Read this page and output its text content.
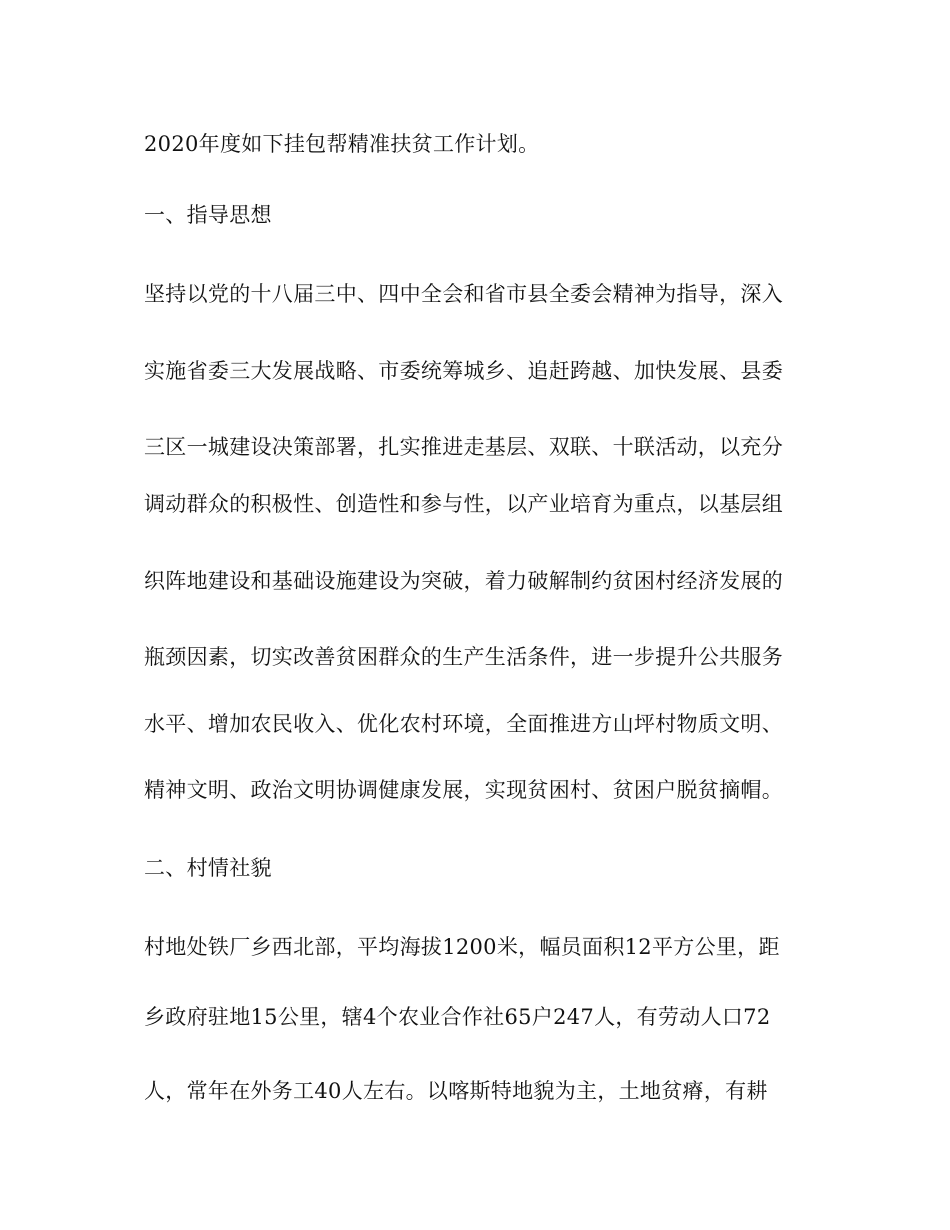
2020年度如下挂包帮精准扶贫工作计划。

一、指导思想

坚持以党的十八届三中、四中全会和省市县全委会精神为指导，深入

实施省委三大发展战略、市委统筹城乡、追赶跨越、加快发展、县委

三区一城建设决策部署，扎实推进走基层、双联、十联活动，以充分

调动群众的积极性、创造性和参与性，以产业培育为重点，以基层组

织阵地建设和基础设施建设为突破，着力破解制约贫困村经济发展的

瓶颈因素，切实改善贫困群众的生产生活条件，进一步提升公共服务

水平、增加农民收入、优化农村环境，全面推进方山坪村物质文明、

精神文明、政治文明协调健康发展，实现贫困村、贫困户脱贫摘帽。

二、村情社貌

村地处铁厂乡西北部，平均海拔1200米，幅员面积12平方公里，距

乡政府驻地15公里，辖4个农业合作社65户247人，有劳动人口72

人，常年在外务工40人左右。以喀斯特地貌为主，土地贫瘠，有耕
